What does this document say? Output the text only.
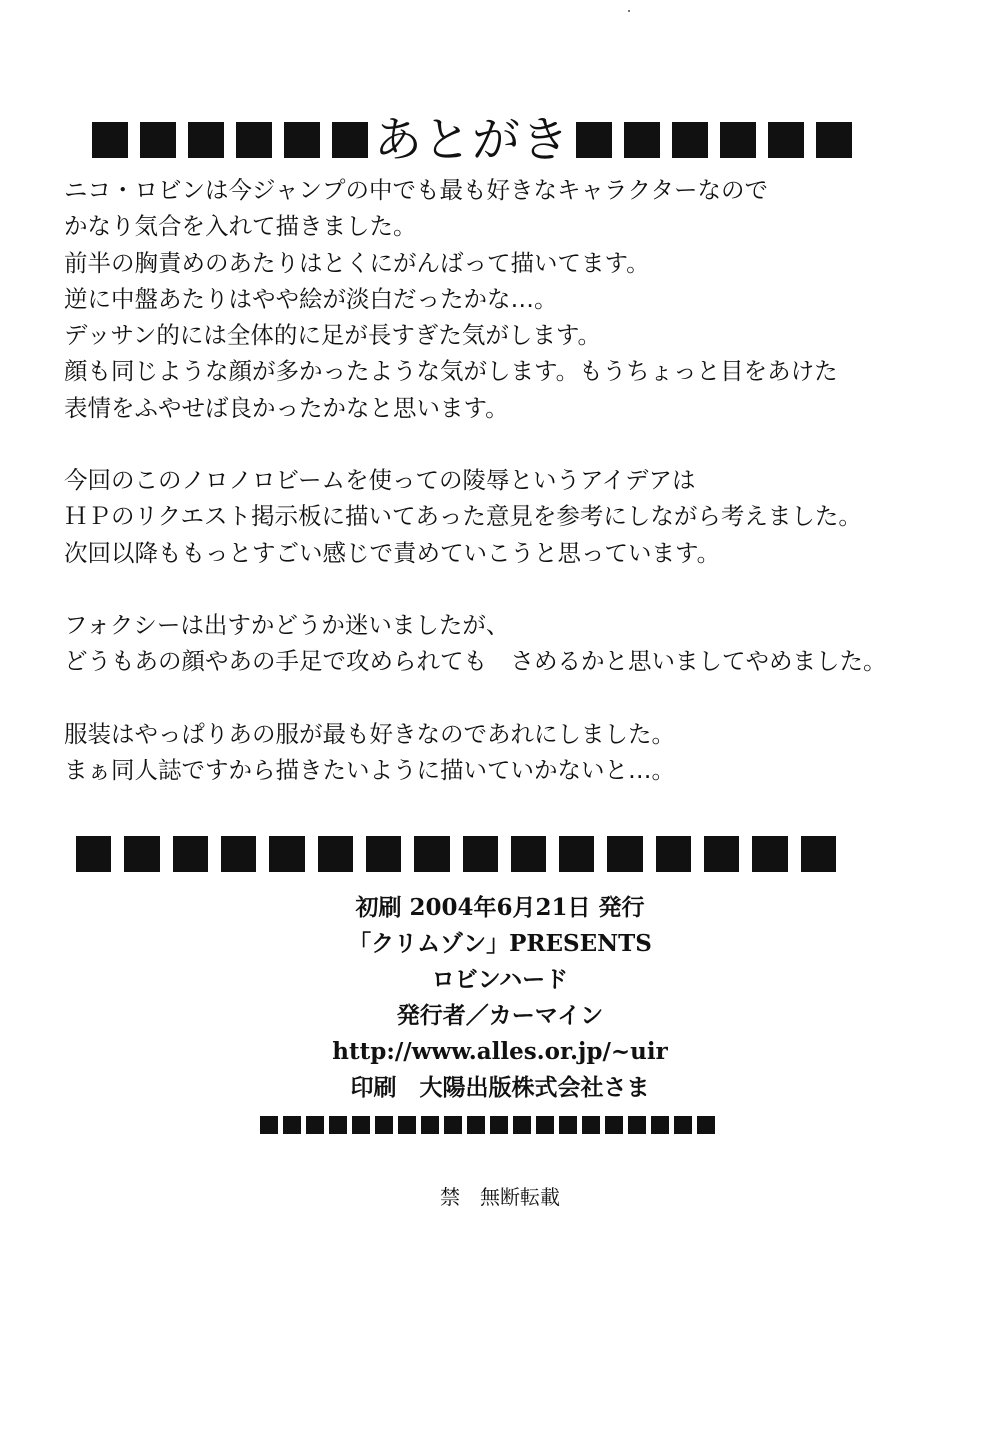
あとがき

ニコ・ロビンは今ジャンプの中でも最も好きなキャラクターなので

かなり気合を入れて描きました。

前半の胸責めのあたりはとくにがんばって描いてます。

逆に中盤あたりはやや絵が淡白だったかな…。

デッサン的には全体的に足が長すぎた気がします。

顔も同じような顔が多かったような気がします。もうちょっと目をあけた

表情をふやせば良かったかなと思います。

今回のこのノロノロビームを使っての陵辱というアイデアは

ＨＰのリクエスト掲示板に描いてあった意見を参考にしながら考えました。

次回以降ももっとすごい感じで責めていこうと思っています。

フォクシーは出すかどうか迷いましたが、

どうもあの顔やあの手足で攻められても　さめるかと思いましてやめました。

服装はやっぱりあの服が最も好きなのであれにしました。

まぁ同人誌ですから描きたいように描いていかないと…。

初刷 2004年6月21日 発行

「クリムゾン」PRESENTS

ロビンハード

発行者／カーマイン

http://www.alles.or.jp/~uir

印刷　大陽出版株式会社さま

禁　無断転載
